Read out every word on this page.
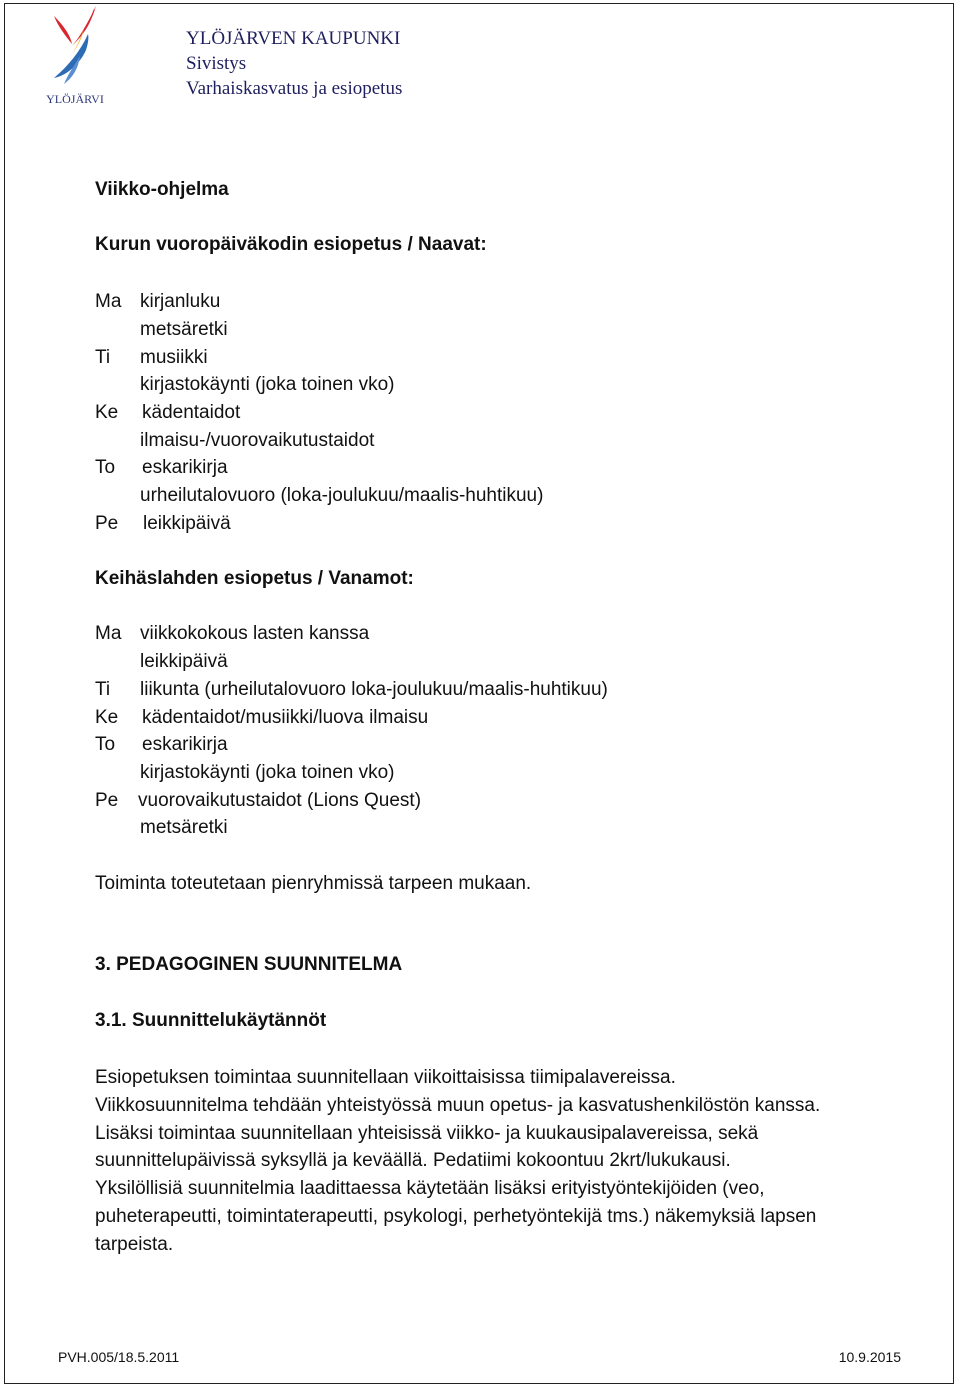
YLÖJÄRVI
YLÖJÄRVEN KAUPUNKI
Sivistys
Varhaiskasvatus ja esiopetus
Viikko-ohjelma
Kurun vuoropäiväkodin esiopetus / Naavat:
Ma kirjanluku
metsäretki
Ti musiikki
kirjastokäynti (joka toinen vko)
Ke kädentaidot
ilmaisu-/vuorovaikutustaidot
To eskarikirja
urheilutalovuoro (loka-joulukuu/maalis-huhtikuu)
Pe leikkipäivä
Keihäslahden esiopetus / Vanamot:
Ma viikkokokous lasten kanssa
leikkipäivä
Ti liikunta (urheilutalovuoro loka-joulukuu/maalis-huhtikuu)
Ke kädentaidot/musiikki/luova ilmaisu
To eskarikirja
kirjastokäynti (joka toinen vko)
Pe vuorovaikutustaidot (Lions Quest)
metsäretki
Toiminta toteutetaan pienryhmissä tarpeen mukaan.
3. PEDAGOGINEN SUUNNITELMA
3.1. Suunnittelukäytännöt
Esiopetuksen toimintaa suunnitellaan viikoittaisissa tiimipalavereissa.
Viikkosuunnitelma tehdään yhteistyössä muun opetus- ja kasvatushenkilöstön kanssa.
Lisäksi toimintaa suunnitellaan yhteisissä viikko- ja kuukausipalavereissa, sekä
suunnittelupäivissä syksyllä ja keväällä. Pedatiimi kokoontuu 2krt/lukukausi.
Yksilöllisiä suunnitelmia laadittaessa käytetään lisäksi erityistyöntekijöiden (veo,
puheterapeutti, toimintaterapeutti, psykologi, perhetyöntekijä tms.) näkemyksiä lapsen
tarpeista.
PVH.005/18.5.2011	10.9.2015
